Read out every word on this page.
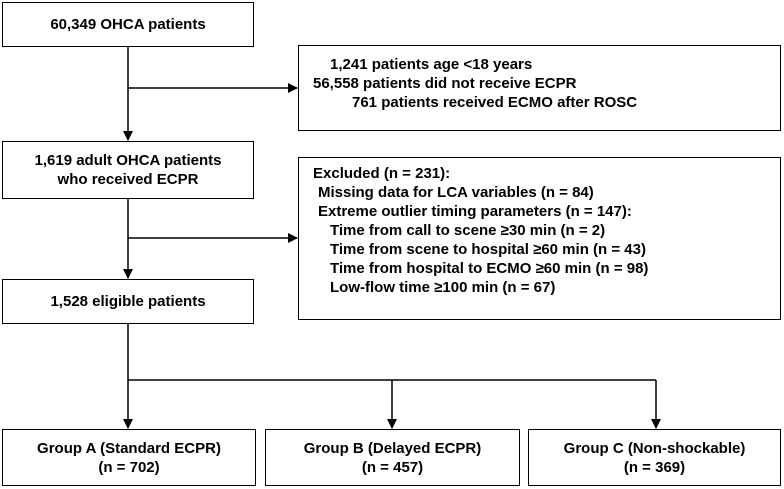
60,349 OHCA patients
1,241 patients age <18 years
56,558 patients did not receive ECPR
761 patients received ECMO after ROSC
1,619 adult OHCA patients
who received ECPR	Excluded (n = 231):
Missing data for LCA variables (n = 84)
Extreme outlier timing parameters (n = 147):
Time from call to scene ≥30 min (n = 2)
Time from scene to hospital ≥60 min (n = 43)
Time from hospital to ECMO ≥60 min (n = 98)
Low-flow time ≥100 min (n = 67)
1,528 eligible patients
Group A (Standard ECPR)
(n = 702)
Group B (Delayed ECPR)
(n = 457)
Group C (Non-shockable)
(n = 369)
